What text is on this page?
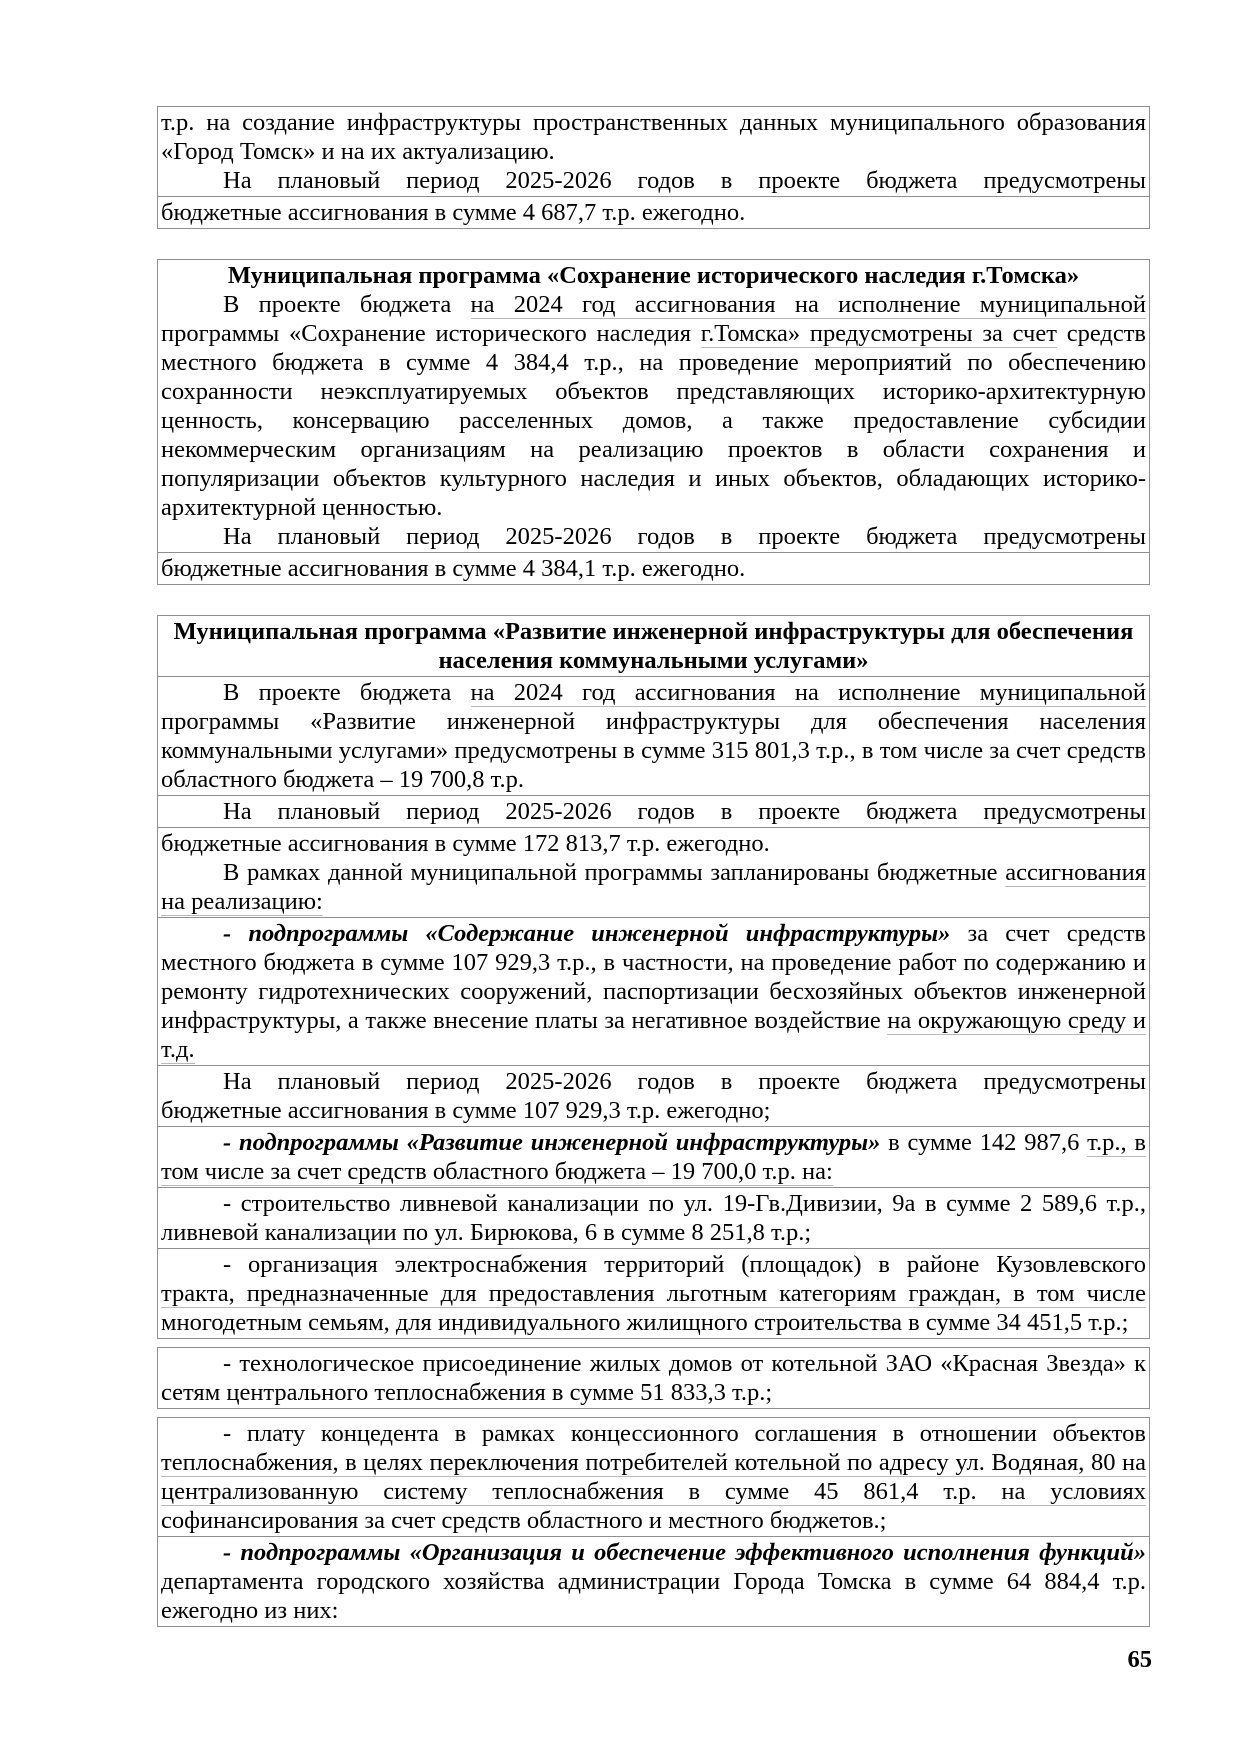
т.р. на создание инфраструктуры пространственных данных муниципального образования «Город Томск» и на их актуализацию.

На плановый период 2025-2026 годов в проекте бюджета предусмотрены

бюджетные ассигнования в сумме 4 687,7 т.р. ежегодно.

Муниципальная программа «Сохранение исторического наследия г.Томска»

В проекте бюджета на 2024 год ассигнования на исполнение муниципальной программы «Сохранение исторического наследия г.Томска» предусмотрены за счет средств местного бюджета в сумме 4 384,4 т.р., на проведение мероприятий по обеспечению сохранности неэксплуатируемых объектов представляющих историко-архитектурную ценность, консервацию расселенных домов, а также предоставление субсидии некоммерческим организациям на реализацию проектов в области сохранения и популяризации объектов культурного наследия и иных объектов, обладающих историко-архитектурной ценностью.

На плановый период 2025-2026 годов в проекте бюджета предусмотрены

бюджетные ассигнования в сумме 4 384,1 т.р. ежегодно.

Муниципальная программа «Развитие инженерной инфраструктуры для обеспечения населения коммунальными услугами»

В проекте бюджета на 2024 год ассигнования на исполнение муниципальной программы «Развитие инженерной инфраструктуры для обеспечения населения коммунальными услугами» предусмотрены в сумме 315 801,3 т.р., в том числе за счет средств областного бюджета – 19 700,8 т.р.

На плановый период 2025-2026 годов в проекте бюджета предусмотрены

бюджетные ассигнования в сумме 172 813,7 т.р. ежегодно.

В рамках данной муниципальной программы запланированы бюджетные ассигнования на реализацию:

- подпрограммы «Содержание инженерной инфраструктуры» за счет средств местного бюджета в сумме 107 929,3 т.р., в частности, на проведение работ по содержанию и ремонту гидротехнических сооружений, паспортизации бесхозяйных объектов инженерной инфраструктуры, а также внесение платы за негативное воздействие на окружающую среду и т.д.

На плановый период 2025-2026 годов в проекте бюджета предусмотрены

бюджетные ассигнования в сумме 107 929,3 т.р. ежегодно;

- подпрограммы «Развитие инженерной инфраструктуры» в сумме 142 987,6 т.р., в том числе за счет средств областного бюджета – 19 700,0 т.р. на:

- строительство ливневой канализации по ул. 19-Гв.Дивизии, 9а в сумме 2 589,6 т.р., ливневой канализации по ул. Бирюкова, 6 в сумме 8 251,8 т.р.;

- организация электроснабжения территорий (площадок) в районе Кузовлевского тракта, предназначенные для предоставления льготным категориям граждан, в том числе многодетным семьям, для индивидуального жилищного строительства в сумме 34 451,5 т.р.;

- технологическое присоединение жилых домов от котельной ЗАО «Красная Звезда» к сетям центрального теплоснабжения в сумме 51 833,3 т.р.;

- плату концедента в рамках концессионного соглашения в отношении объектов теплоснабжения, в целях переключения потребителей котельной по адресу ул. Водяная, 80 на централизованную систему теплоснабжения в сумме 45 861,4 т.р. на условиях софинансирования за счет средств областного и местного бюджетов.;

- подпрограммы «Организация и обеспечение эффективного исполнения функций» департамента городского хозяйства администрации Города Томска в сумме 64 884,4 т.р. ежегодно из них:

65
